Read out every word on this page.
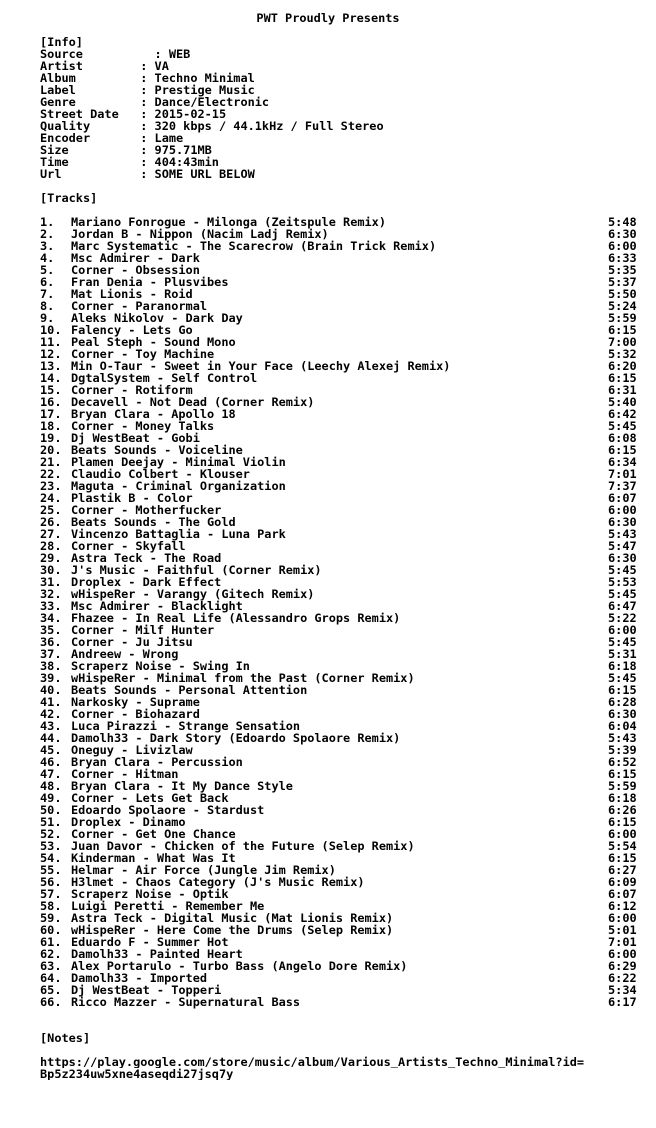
PWT Proudly Presents
[Info]
Source          : WEB
Artist        : VA
Album         : Techno Minimal
Label         : Prestige Music
Genre         : Dance/Electronic
Street Date   : 2015-02-15
Quality       : 320 kbps / 44.1kHz / Full Stereo
Encoder       : Lame
Size          : 975.71MB
Time          : 404:43min
Url           : SOME URL BELOW
[Tracks]
1. Mariano Fonrogue - Milonga (Zeitspule Remix)	5:48
2. Jordan B - Nippon (Nacim Ladj Remix)	6:30
3. Marc Systematic - The Scarecrow (Brain Trick Remix)	6:00
4. Msc Admirer - Dark	6:33
5. Corner - Obsession	5:35
6. Fran Denia - Plusvibes	5:37
7. Mat Lionis - Roid	5:50
8. Corner - Paranormal	5:24
9. Aleks Nikolov - Dark Day	5:59
10. Falency - Lets Go	6:15
11. Peal Steph - Sound Mono	7:00
12. Corner - Toy Machine	5:32
13. Min O-Taur - Sweet in Your Face (Leechy Alexej Remix)	6:20
14. DgtalSystem - Self Control	6:15
15. Corner - Rotiform	6:31
16. Decavell - Not Dead (Corner Remix)	5:40
17. Bryan Clara - Apollo 18	6:42
18. Corner - Money Talks	5:45
19. Dj WestBeat - Gobi	6:08
20. Beats Sounds - Voiceline	6:15
21. Plamen Deejay - Minimal Violin	6:34
22. Claudio Colbert - Klouser	7:01
23. Maguta - Criminal Organization	7:37
24. Plastik B - Color	6:07
25. Corner - Motherfucker	6:00
26. Beats Sounds - The Gold	6:30
27. Vincenzo Battaglia - Luna Park	5:43
28. Corner - Skyfall	5:47
29. Astra Teck - The Road	6:30
30. J's Music - Faithful (Corner Remix)	5:45
31. Droplex - Dark Effect	5:53
32. wHispeRer - Varangy (Gitech Remix)	5:45
33. Msc Admirer - Blacklight	6:47
34. Fhazee - In Real Life (Alessandro Grops Remix)	5:22
35. Corner - Milf Hunter	6:00
36. Corner - Ju Jitsu	5:45
37. Andreew - Wrong	5:31
38. Scraperz Noise - Swing In	6:18
39. wHispeRer - Minimal from the Past (Corner Remix)	5:45
40. Beats Sounds - Personal Attention	6:15
41. Narkosky - Suprame	6:28
42. Corner - Biohazard	6:30
43. Luca Pirazzi - Strange Sensation	6:04
44. Damolh33 - Dark Story (Edoardo Spolaore Remix)	5:43
45. Oneguy - Livizlaw	5:39
46. Bryan Clara - Percussion	6:52
47. Corner - Hitman	6:15
48. Bryan Clara - It My Dance Style	5:59
49. Corner - Lets Get Back	6:18
50. Edoardo Spolaore - Stardust	6:26
51. Droplex - Dinamo	6:15
52. Corner - Get One Chance	6:00
53. Juan Davor - Chicken of the Future (Selep Remix)	5:54
54. Kinderman - What Was It	6:15
55. Helmar - Air Force (Jungle Jim Remix)	6:27
56. H3lmet - Chaos Category (J's Music Remix)	6:09
57. Scraperz Noise - Optik	6:07
58. Luigi Peretti - Remember Me	6:12
59. Astra Teck - Digital Music (Mat Lionis Remix)	6:00
60. wHispeRer - Here Come the Drums (Selep Remix)	5:01
61. Eduardo F - Summer Hot	7:01
62. Damolh33 - Painted Heart	6:00
63. Alex Portarulo - Turbo Bass (Angelo Dore Remix)	6:29
64. Damolh33 - Imported	6:22
65. Dj WestBeat - Topperi	5:34
66. Ricco Mazzer - Supernatural Bass	6:17
[Notes]
https://play.google.com/store/music/album/Various_Artists_Techno_Minimal?id=
Bp5z234uw5xne4aseqdi27jsq7y
